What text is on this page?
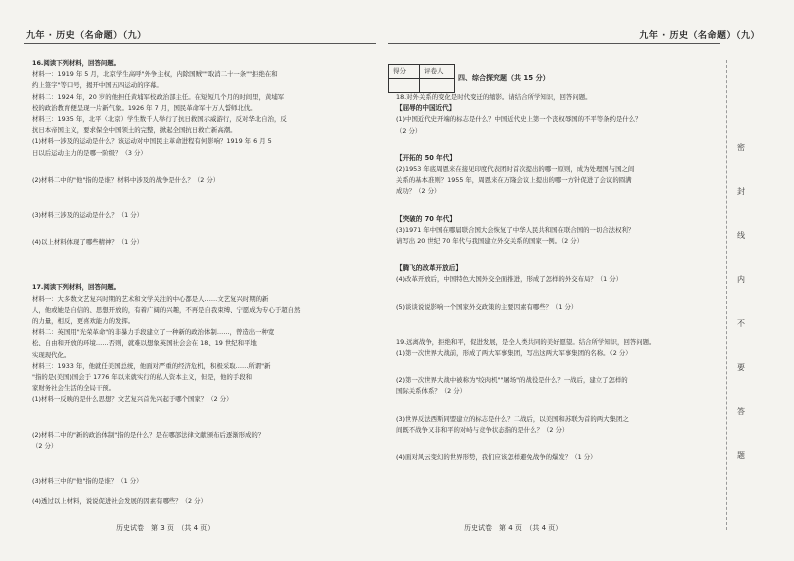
九年 · 历史（名命题）（九）	九年 · 历史（名命题）（九）

16.阅读下列材料，回答问题。

材料一：1919 年 5 月，北京学生高呼"外争主权，内除国贼""取消二十一条""拒绝在和

约上签字"等口号，揭开中国五四运动的序幕。

材料二：1924 年，20 岁的他担任黄埔军校政治部主任。在短短几个月的时间里，黄埔军

校的政治教育便呈现一片新气象。1926 年 7 月，国民革命军十万人誓师北伐。

材料三：1935 年，北平（北京）学生数千人举行了抗日救国示威游行，反对华北自治，反

抗日本帝国主义，要求保全中国领土的完整，掀起全国抗日救亡新高潮。

(1)材料一涉及的运动是什么？该运动对中国民主革命进程有何影响？1919 年 6 月 5

日以后运动主力的是哪一阶级？（3 分）

(2)材料二中的"他"指的是谁？材料中涉及的战争是什么？（2 分）

(3)材料三涉及的运动是什么？（1 分）

(4)以上材料体现了哪些精神？（1 分）

17.阅读下列材料，回答问题。

材料一：大多数文艺复兴时期的艺术和文学关注的中心都是人……文艺复兴时期的新

人，他或她是自信的、思想开放的，有着广阔的兴趣，不再是自我束缚、宁愿成为专心于超自然

的力量，相反，更喜欢能力的发挥。

材料二：英国用"光荣革命"的非暴力手段建立了一种新的政治体制……，曾造出一种宽

松、自由和开放的环境……否则，就难以想象英国社会会在 18、19 世纪和平地

实现现代化。

材料三：1933 年，他就任美国总统，他面对严重的经济危机，积极采取……所谓"新

"指的是(美国)国会于 1776 年以来就实行的私人资本主义，但是，他的手段和

家财务社会生活的全局干预。

(1)材料一反映的是什么思想？文艺复兴首先兴起于哪个国家？（2 分）

(2)材料二中的"新的政治体制"指的是什么？是在哪部法律文献颁布后逐渐形成的？

（2 分）

(3)材料三中的"他"指的是谁？（1 分）

(4)透过以上材料，说说促进社会发展的因素有哪些？（2 分）

得分	评卷人
四、综合探究题（共 15 分）

18.对外关系的变化是时代变迁的缩影。请结合所学知识，回答问题。

【屈辱的中国近代】

(1)中国近代史开端的标志是什么？中国近代史上第一个丧权辱国的不平等条约是什么？

（2 分）

【开拓的 50 年代】

(2)1953 年底周恩来在接见印度代表团时首次提出的哪一原则，成为处理国与国之间

关系的基本准则？1955 年，周恩来在万隆会议上提出的哪一方针促进了会议的圆满

成功？（2 分）

【突破的 70 年代】

(3)1971 年中国在哪届联合国大会恢复了中华人民共和国在联合国的一切合法权利？

请写出 20 世纪 70 年代与我国建立外交关系的国家一例。（2 分）

【腾飞的改革开放后】

(4)改革开放后，中国特色大国外交全面推进，形成了怎样的外交布局？（1 分）

(5)谈谈说说影响一个国家外交政策的主要因素有哪些？（1 分）

19.远离战争，拒绝和平，促进发展，是全人类共同的美好愿望。结合所学知识，回答问题。

(1)第一次世界大战前，形成了两大军事集团，写出这两大军事集团的名称。（2 分）

(2)第一次世界大战中被称为"绞肉机""屠场"的战役是什么？一战后，建立了怎样的

国际关系体系？（2 分）

(3)世界反法西斯同盟建立的标志是什么？二战后，以美国和苏联为首的两大集团之

间既不战争又非和平的对峙与竞争状态指的是什么？（2 分）

(4)面对风云变幻的世界形势，我们应该怎样避免战争的爆发？（1 分）

密
封
线
内
不
要
答
题
历史试卷　第 3 页　（共 4 页）	历史试卷　第 4 页　（共 4 页）
